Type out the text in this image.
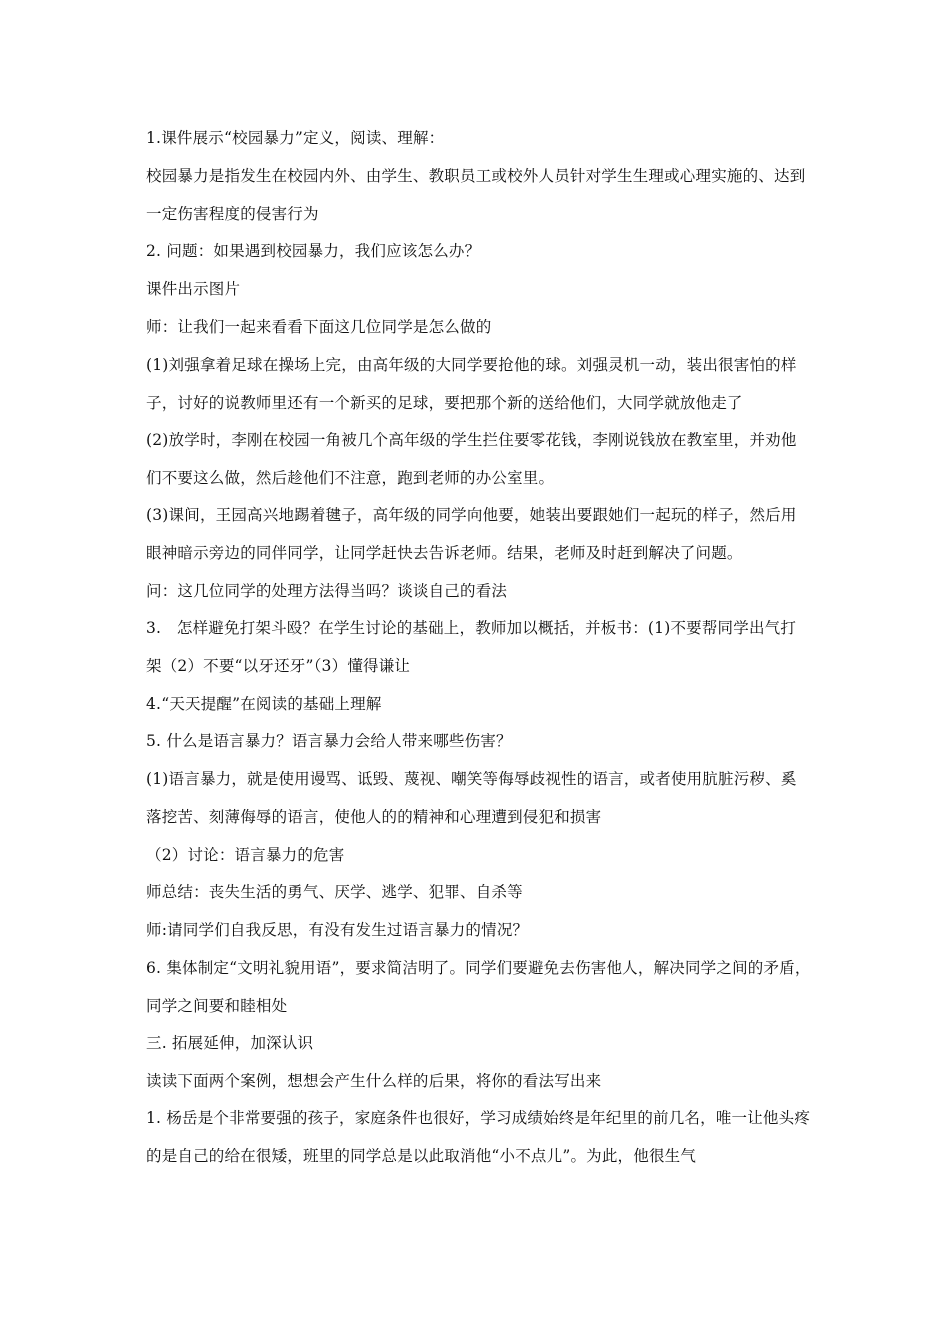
1.课件展示“校园暴力”定义，阅读、理解：

校园暴力是指发生在校园内外、由学生、教职员工或校外人员针对学生生理或心理实施的、达到一定伤害程度的侵害行为

2. 问题：如果遇到校园暴力，我们应该怎么办？

课件出示图片

师：让我们一起来看看下面这几位同学是怎么做的

(1)刘强拿着足球在操场上完，由高年级的大同学要抢他的球。刘强灵机一动，装出很害怕的样子，讨好的说教师里还有一个新买的足球，要把那个新的送给他们，大同学就放他走了

(2)放学时，李刚在校园一角被几个高年级的学生拦住要零花钱，李刚说钱放在教室里，并劝他们不要这么做，然后趁他们不注意，跑到老师的办公室里。

(3)课间，王园高兴地踢着毽子，高年级的同学向他要，她装出要跟她们一起玩的样子，然后用眼神暗示旁边的同伴同学，让同学赶快去告诉老师。结果，老师及时赶到解决了问题。

问：这几位同学的处理方法得当吗？谈谈自己的看法

3.　怎样避免打架斗殴？在学生讨论的基础上，教师加以概括，并板书：(1)不要帮同学出气打架（2）不要“以牙还牙”（3）懂得谦让

4.“天天提醒”在阅读的基础上理解

5. 什么是语言暴力？语言暴力会给人带来哪些伤害？

(1)语言暴力，就是使用谩骂、诋毁、蔑视、嘲笑等侮辱歧视性的语言，或者使用肮脏污秽、奚落挖苦、刻薄侮辱的语言，使他人的的精神和心理遭到侵犯和损害

（2）讨论：语言暴力的危害

师总结：丧失生活的勇气、厌学、逃学、犯罪、自杀等

师:请同学们自我反思，有没有发生过语言暴力的情况？

6. 集体制定“文明礼貌用语”，要求简洁明了。同学们要避免去伤害他人，解决同学之间的矛盾，同学之间要和睦相处

三. 拓展延伸，加深认识

读读下面两个案例，想想会产生什么样的后果，将你的看法写出来

1. 杨岳是个非常要强的孩子，家庭条件也很好，学习成绩始终是年纪里的前几名，唯一让他头疼的是自己的给在很矮，班里的同学总是以此取消他“小不点儿”。为此，他很生气
